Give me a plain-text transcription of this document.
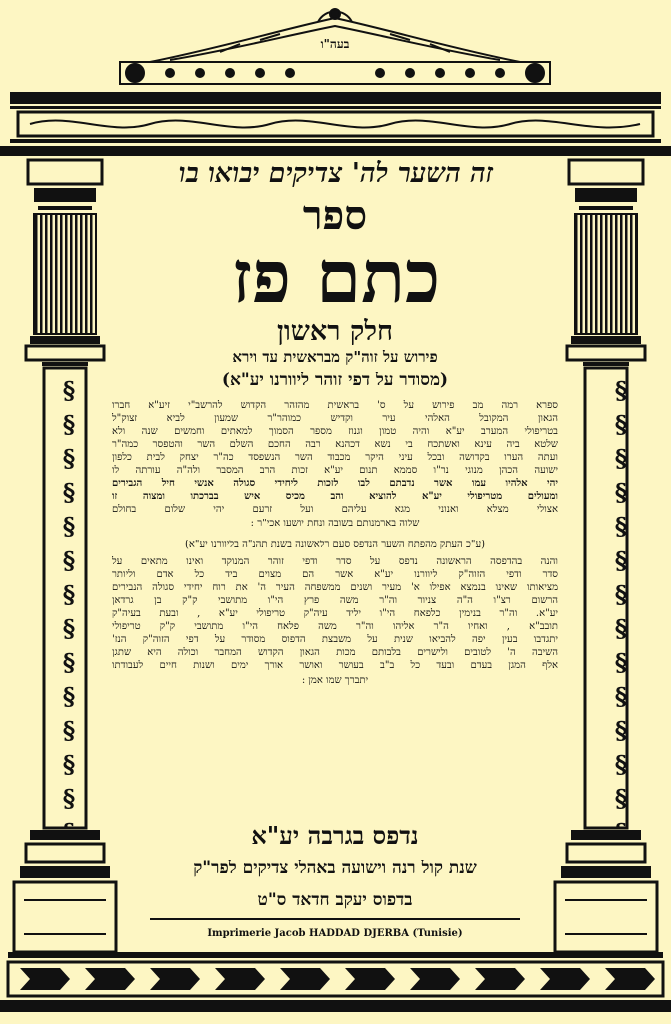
בעה"ו
זה השער לה' צדיקים יבואו בו
ספר
כתם פז
חלק ראשון
פירוש על זוה"ק מבראשית עד וירא
(מסודר על דפי זוהר ליוורנו יע"א)
ספרא רמה מב פירוש על ס' בראשית מהזהר הקדוש להרשב"י זיע"א חברו
הגאון המקובל האלהי עיר וקדיש כמוהר"ר שמעון לביא זצוק"ל
בטריפולי המערב יע"א והיה טמון וגנוז מספר הסמוך למאתים וחמשים שנה ולא
שלטא ביה עינא ואשתכח בי נשא דכהנא רבה החכם השלם השר והטפסר כמה"ר
ועתה הערו בקדושה ובכל עיני היקר מכבוד השר הנשפסד כה"ר יצחק לבית כלפון
ישועה הכהן מנוגי נר"ו סממא תנום יע"א זכות הרב המסבר ולה"ה עורתה לו
יהי אלהיו עמו אשר נדבתם לבו לזכות ליחידי סגולה אנשי חיל הגבירים
ומעולים מטריפולי יע"א להוציא והב מכיס איש בברכתו ומצוה זו
אצולי מצלא ואנוני מגא עליהם ועל זרעם יהי שלום בחולם
שלוה בארמנותם בשובה ונחת יושעו אכי"ר :
(ע"כ העתק מהפתח השער הנדפס סעם רלאשונה בשנת תהנ"ה בליוורנו יע"א)
והנה בהדפסה הראשונה נדפס על סדר ודפי זוהר המנוקד ואינו מתאים על
סדר ודפי הזוה"ק ליוורנו יע"א אשר הם מצוים ביד כל אדם וליותר
מציאותו שאינו בנמצא אפילו א' מעיר ושנים ממשפחה העיר ה' את רוח יחידי סגולה הנבירים
הרשום רצ"ו ה"ה צניור וה"ר משה פרץ הי"ו מתושבי ק"ק בן גרדאן
יע"א. וה"ר בנימין כלפאח הי"ו יליד עיה"ק טריפולי יע"א , ובעת בעיה"ק
תובב"א , ואחיו ה"ר אליהו וה"ר משה פלאח הי"ו מתושבי ק"ק טריפולי
יתגדבו בעין יפה להביאו שנית על משבצת הדפוס מסודר על דפי הזוה"ק הנז'
השיבה ה' לטובים ולישרים בלבותם מכות הגאון הקדוש המחבר וכולה היא שתגן
אלף המגן בעדם ובעד כל ב"ב בעושר ואושר אורך ימים ושנות חיים לעבודתו
יתברך שמו אמן :
נדפס בגרבה יע"א
שנת קול רנה וישועה באהלי צדיקים לפר"ק
בדפוס יעקב חדאד ס"ט
Imprimerie Jacob HADDAD DJERBA (Tunisie)
